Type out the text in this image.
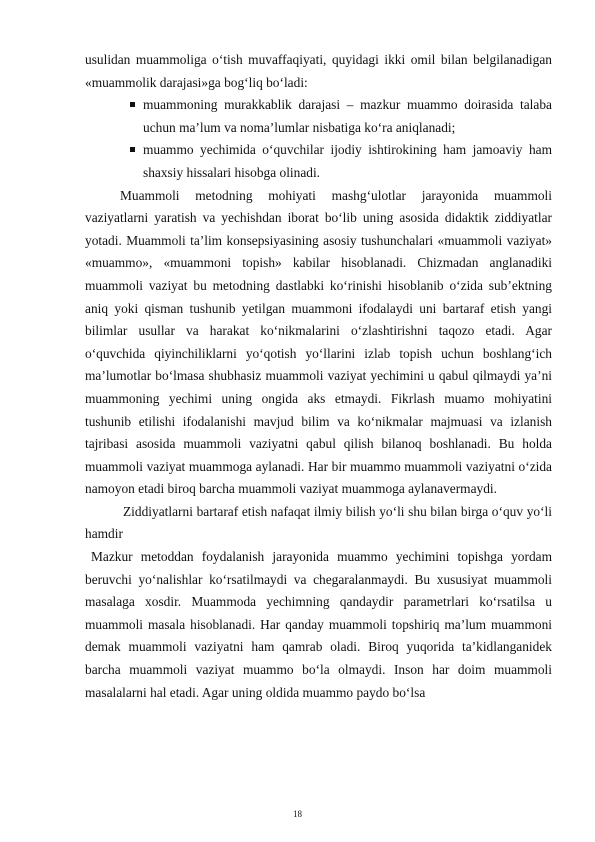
usulidan muammoliga o‘tish muvaffaqiyati, quyidagi ikki omil bilan belgilanadigan «muammolik darajasi»ga bog‘liq bo‘ladi:

muammoning murakkablik darajasi – mazkur muammo doirasida talaba uchun ma’lum va noma’lumlar nisbatiga ko‘ra aniqlanadi;

muammo yechimida o‘quvchilar ijodiy ishtirokining ham jamoaviy ham shaxsiy hissalari hisobga olinadi.

Muammoli metodning mohiyati mashg‘ulotlar jarayonida muammoli vaziyatlarni yaratish va yechishdan iborat bo‘lib uning asosida didaktik ziddiyatlar yotadi. Muammoli ta’lim konsepsiyasining asosiy tushunchalari «muammoli vaziyat» «muammo», «muammoni topish» kabilar hisoblanadi. Chizmadan anglanadiki muammoli vaziyat bu metodning dastlabki ko‘rinishi hisoblanib o‘zida sub’ektning aniq yoki qisman tushunib yetilgan muammoni ifodalaydi uni bartaraf etish yangi bilimlar usullar va harakat ko‘nikmalarini o‘zlashtirishni taqozo etadi. Agar o‘quvchida qiyinchiliklarni yo‘qotish yo‘llarini izlab topish uchun boshlang‘ich ma’lumotlar bo‘lmasa shubhasiz muammoli vaziyat yechimini u qabul qilmaydi ya’ni muammoning yechimi uning ongida aks etmaydi. Fikrlash muamo mohiyatini tushunib etilishi ifodalanishi mavjud bilim va ko‘nikmalar majmuasi va izlanish tajribasi asosida muammoli vaziyatni qabul qilish bilanoq boshlanadi. Bu holda muammoli vaziyat muammoga aylanadi. Har bir muammo muammoli vaziyatni o‘zida namoyon etadi biroq barcha muammoli vaziyat muammoga aylanavermaydi.

Ziddiyatlarni bartaraf etish nafaqat ilmiy bilish yo‘li shu bilan birga o‘quv yo‘li hamdir

Mazkur metoddan foydalanish jarayonida muammo yechimini topishga yordam beruvchi yo‘nalishlar ko‘rsatilmaydi va chegaralanmaydi. Bu xususiyat muammoli masalaga xosdir. Muammoda yechimning qandaydir parametrlari ko‘rsatilsa u muammoli masala hisoblanadi. Har qanday muammoli topshiriq ma’lum muammoni demak muammoli vaziyatni ham qamrab oladi. Biroq yuqorida ta’kidlanganidek barcha muammoli vaziyat muammo bo‘la olmaydi. Inson har doim muammoli masalalarni hal etadi. Agar uning oldida muammo paydo bo‘lsa

18
